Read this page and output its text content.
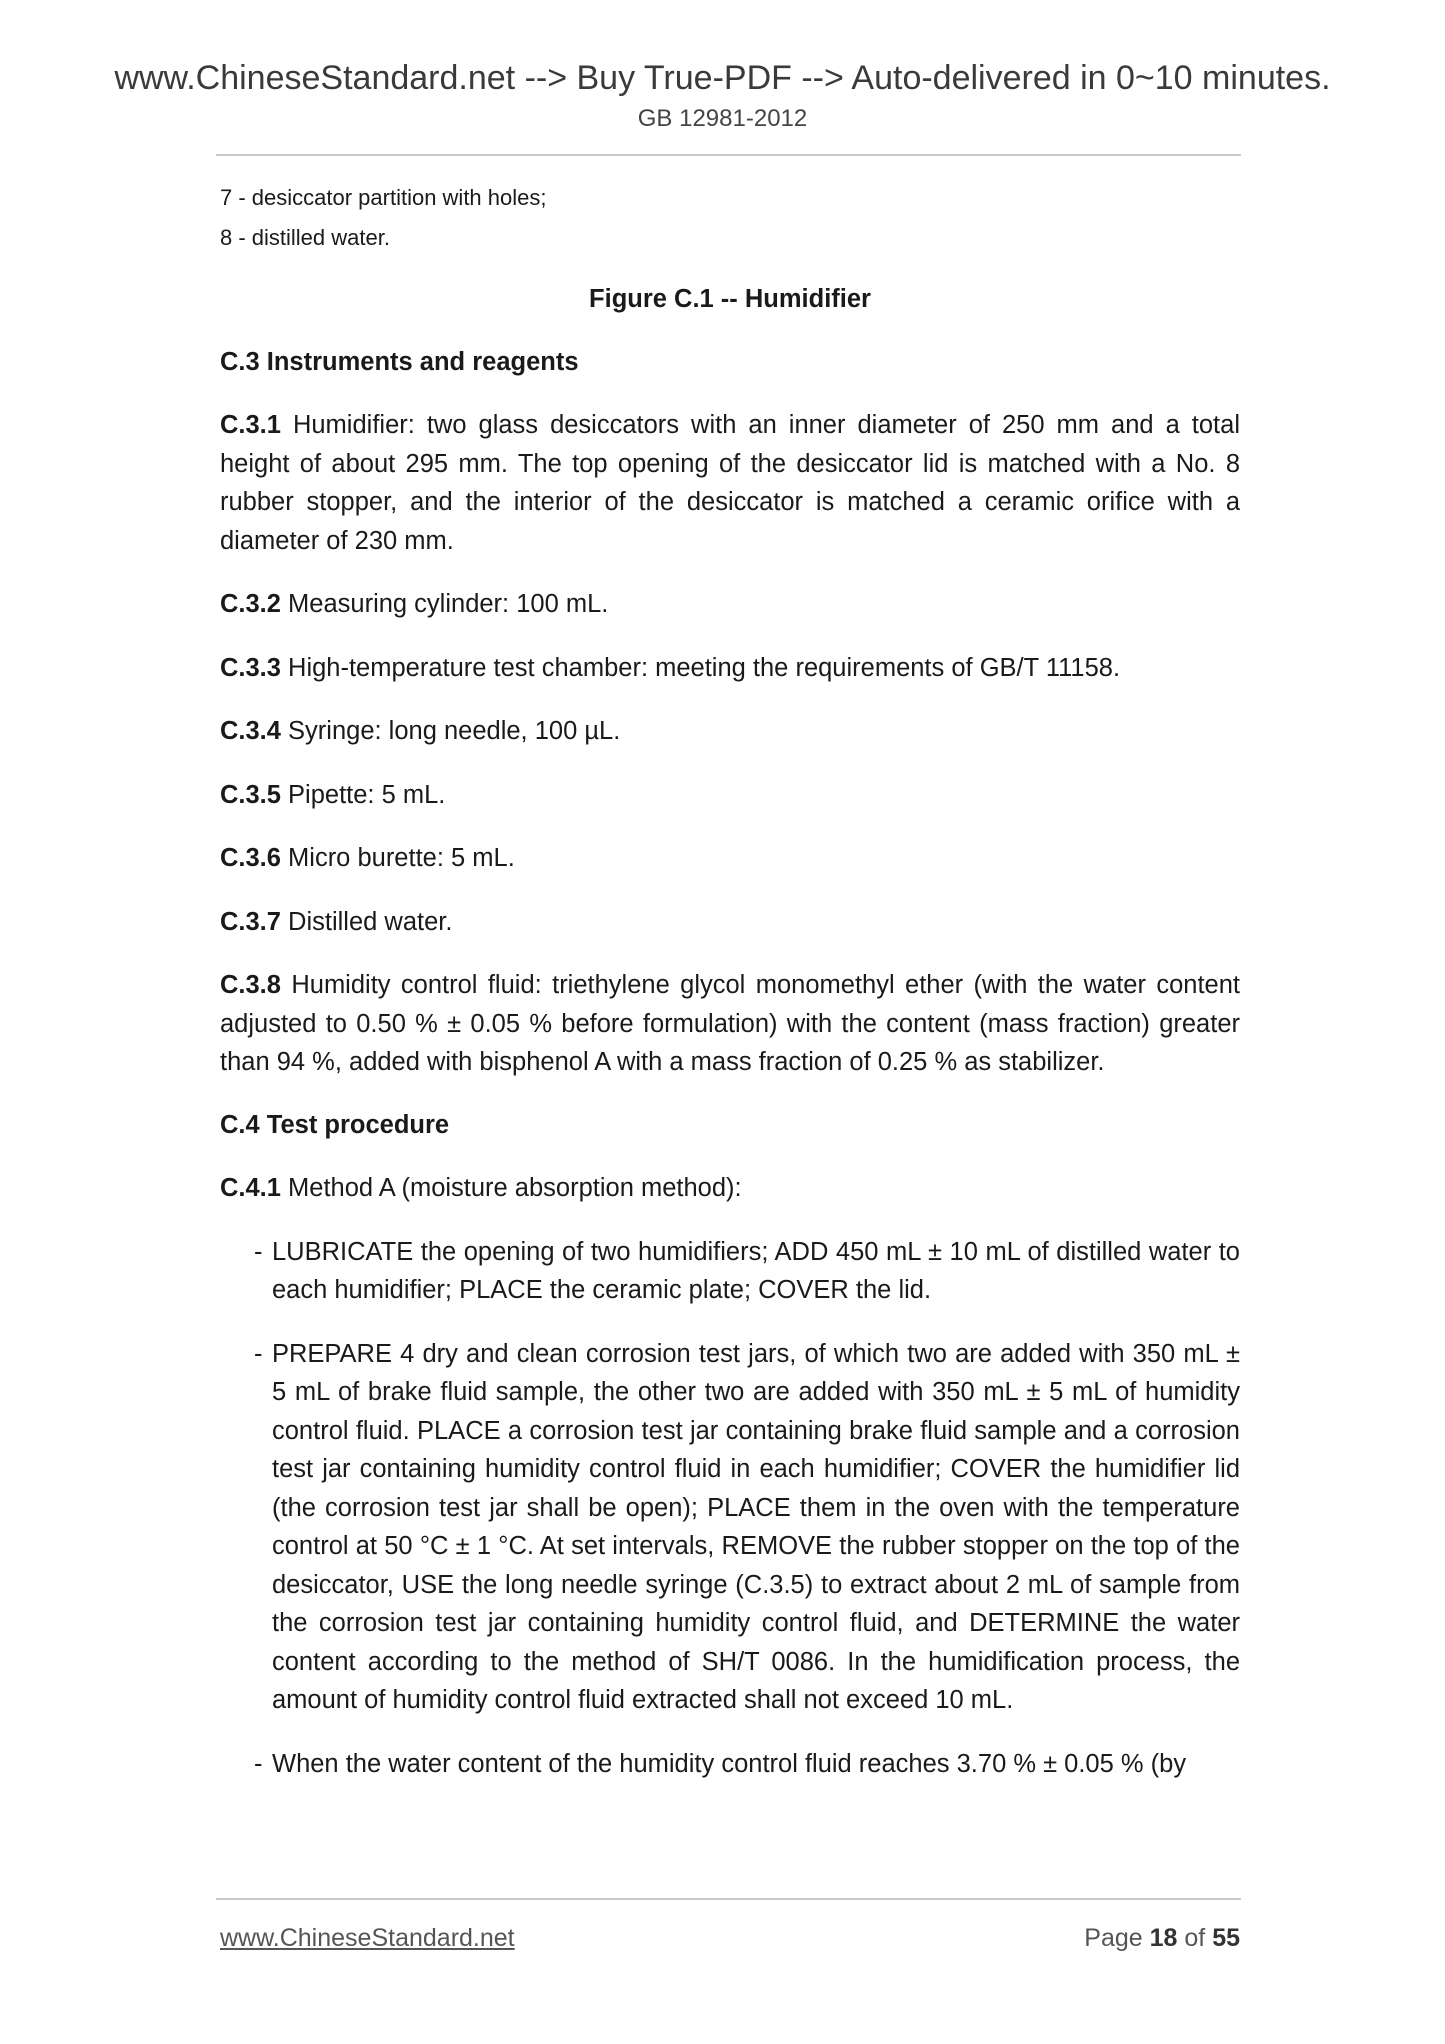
www.ChineseStandard.net --> Buy True-PDF --> Auto-delivered in 0~10 minutes.
GB 12981-2012
7 - desiccator partition with holes;
8 - distilled water.
Figure C.1 -- Humidifier
C.3 Instruments and reagents

C.3.1 Humidifier: two glass desiccators with an inner diameter of 250 mm and a total height of about 295 mm. The top opening of the desiccator lid is matched with a No. 8 rubber stopper, and the interior of the desiccator is matched a ceramic orifice with a diameter of 230 mm.

C.3.2 Measuring cylinder: 100 mL.

C.3.3 High-temperature test chamber: meeting the requirements of GB/T 11158.

C.3.4 Syringe: long needle, 100 µL.

C.3.5 Pipette: 5 mL.

C.3.6 Micro burette: 5 mL.

C.3.7 Distilled water.

C.3.8 Humidity control fluid: triethylene glycol monomethyl ether (with the water content adjusted to 0.50 % ± 0.05 % before formulation) with the content (mass fraction) greater than 94 %, added with bisphenol A with a mass fraction of 0.25 % as stabilizer.

C.4 Test procedure

C.4.1 Method A (moisture absorption method):

- LUBRICATE the opening of two humidifiers; ADD 450 mL ± 10 mL of distilled water to each humidifier; PLACE the ceramic plate; COVER the lid.

- PREPARE 4 dry and clean corrosion test jars, of which two are added with 350 mL ± 5 mL of brake fluid sample, the other two are added with 350 mL ± 5 mL of humidity control fluid. PLACE a corrosion test jar containing brake fluid sample and a corrosion test jar containing humidity control fluid in each humidifier; COVER the humidifier lid (the corrosion test jar shall be open); PLACE them in the oven with the temperature control at 50 °C ± 1 °C. At set intervals, REMOVE the rubber stopper on the top of the desiccator, USE the long needle syringe (C.3.5) to extract about 2 mL of sample from the corrosion test jar containing humidity control fluid, and DETERMINE the water content according to the method of SH/T 0086. In the humidification process, the amount of humidity control fluid extracted shall not exceed 10 mL.

- When the water content of the humidity control fluid reaches 3.70 % ± 0.05 % (by

www.ChineseStandard.net	Page 18 of 55
